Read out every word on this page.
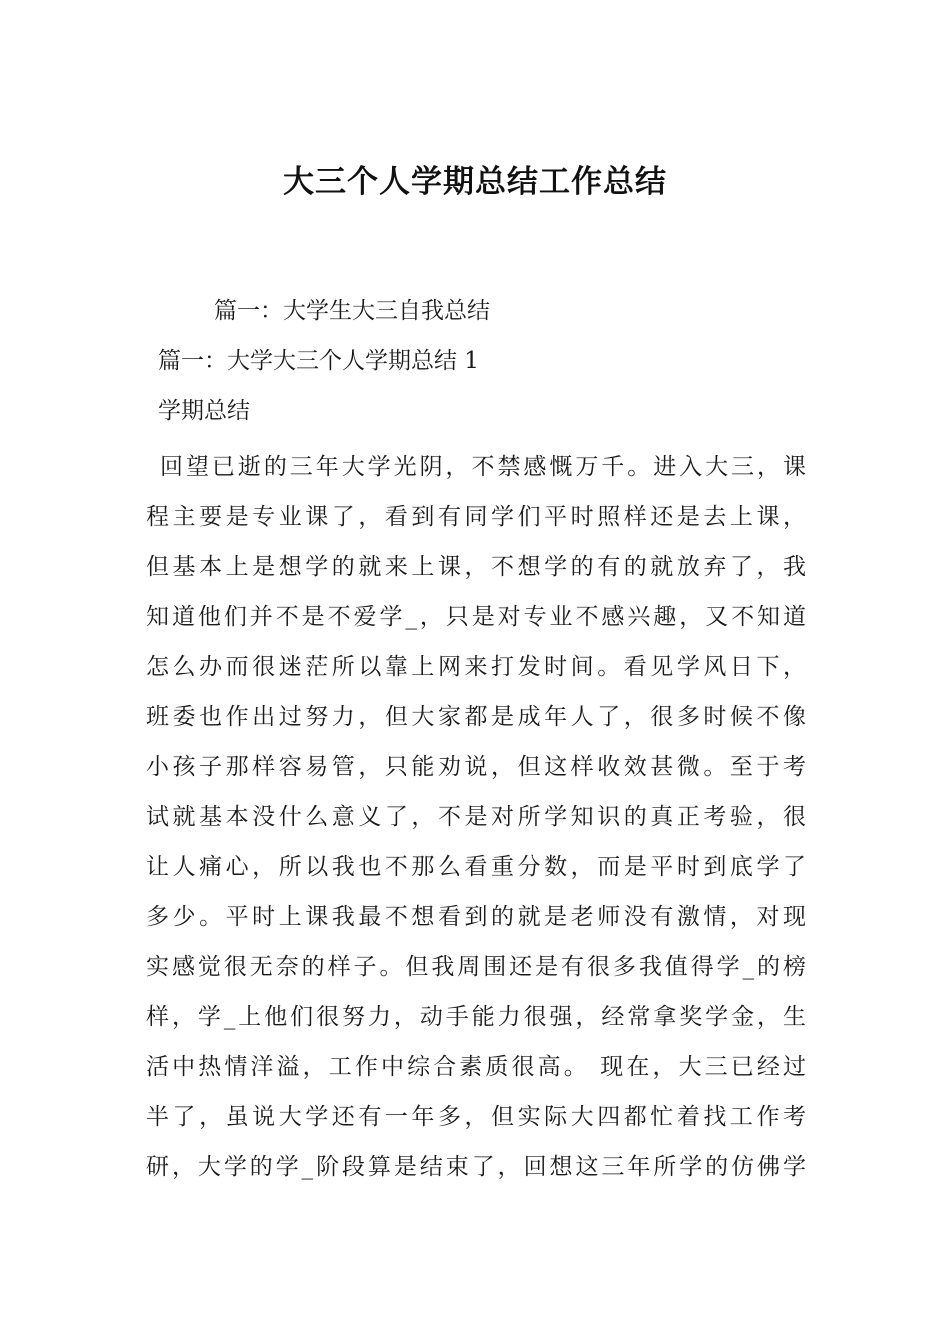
大三个人学期总结工作总结

篇一：大学生大三自我总结

篇一：大学大三个人学期总结 1

学期总结

回望已逝的三年大学光阴，不禁感慨万千。进入大三，课
程主要是专业课了，看到有同学们平时照样还是去上课，
但基本上是想学的就来上课，不想学的有的就放弃了，我
知道他们并不是不爱学_，只是对专业不感兴趣，又不知道
怎么办而很迷茫所以靠上网来打发时间。看见学风日下，
班委也作出过努力，但大家都是成年人了，很多时候不像
小孩子那样容易管，只能劝说，但这样收效甚微。至于考
试就基本没什么意义了，不是对所学知识的真正考验，很
让人痛心，所以我也不那么看重分数，而是平时到底学了
多少。平时上课我最不想看到的就是老师没有激情，对现
实感觉很无奈的样子。但我周围还是有很多我值得学_的榜
样，学_上他们很努力，动手能力很强，经常拿奖学金，生
活中热情洋溢，工作中综合素质很高。 现在，大三已经过
半了，虽说大学还有一年多，但实际大四都忙着找工作考
研，大学的学_阶段算是结束了，回想这三年所学的仿佛学
